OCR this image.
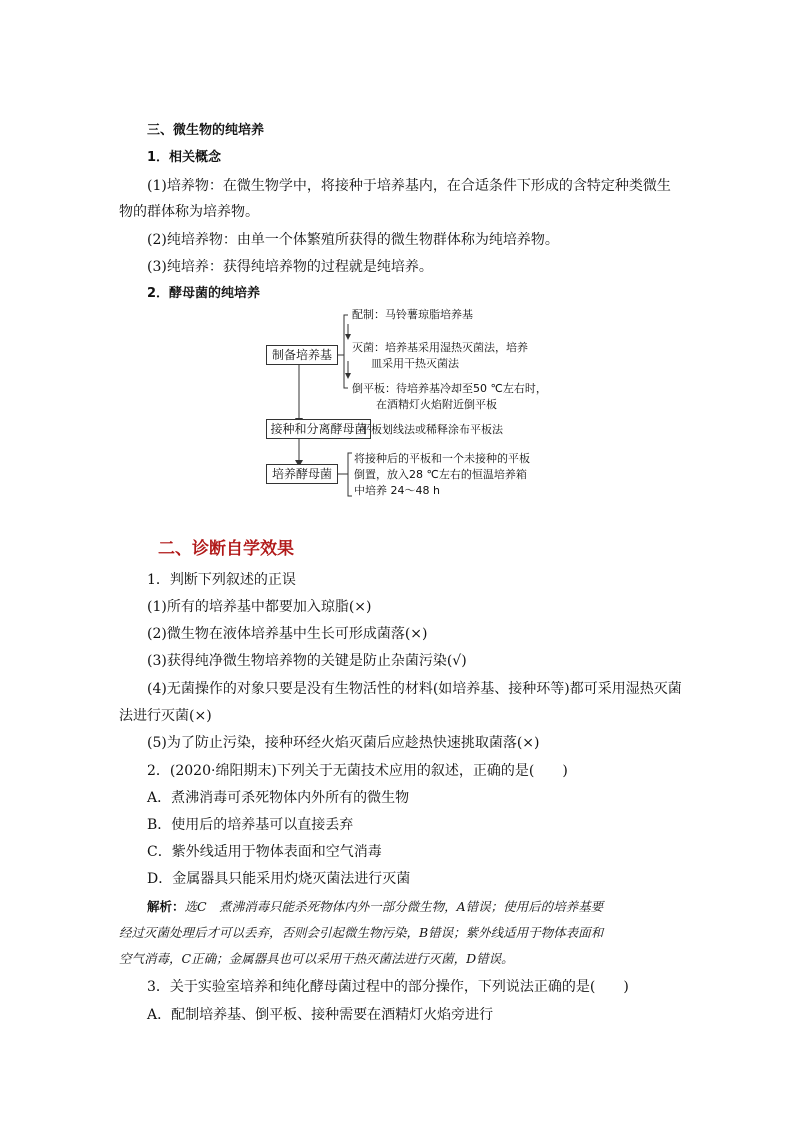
三、微生物的纯培养
1．相关概念
(1)培养物：在微生物学中，将接种于培养基内，在合适条件下形成的含特定种类微生
物的群体称为培养物。
(2)纯培养物：由单一个体繁殖所获得的微生物群体称为纯培养物。
(3)纯培养：获得纯培养物的过程就是纯培养。
2．酵母菌的纯培养
制备培养基
接种和分离酵母菌
培养酵母菌
配制：马铃薯琼脂培养基
灭菌：培养基采用湿热灭菌法，培养
皿采用干热灭菌法
倒平板：待培养基冷却至50 ℃左右时，
在酒精灯火焰附近倒平板
平板划线法或稀释涂布平板法
将接种后的平板和一个未接种的平板
倒置，放入28 ℃左右的恒温培养箱
中培养 24～48 h
二、诊断自学效果
1．判断下列叙述的正误
(1)所有的培养基中都要加入琼脂(×)
(2)微生物在液体培养基中生长可形成菌落(×)
(3)获得纯净微生物培养物的关键是防止杂菌污染(√)
(4)无菌操作的对象只要是没有生物活性的材料(如培养基、接种环等)都可采用湿热灭菌
法进行灭菌(×)
(5)为了防止污染，接种环经火焰灭菌后应趁热快速挑取菌落(×)
2．(2020·绵阳期末)下列关于无菌技术应用的叙述，正确的是(　　)
A．煮沸消毒可杀死物体内外所有的微生物
B．使用后的培养基可以直接丢弃
C．紫外线适用于物体表面和空气消毒
D．金属器具只能采用灼烧灭菌法进行灭菌
解析：选C　煮沸消毒只能杀死物体内外一部分微生物，A错误；使用后的培养基要
经过灭菌处理后才可以丢弃，否则会引起微生物污染，B错误；紫外线适用于物体表面和
空气消毒，C正确；金属器具也可以采用干热灭菌法进行灭菌，D错误。
3．关于实验室培养和纯化酵母菌过程中的部分操作，下列说法正确的是(　　)
A．配制培养基、倒平板、接种需要在酒精灯火焰旁进行
